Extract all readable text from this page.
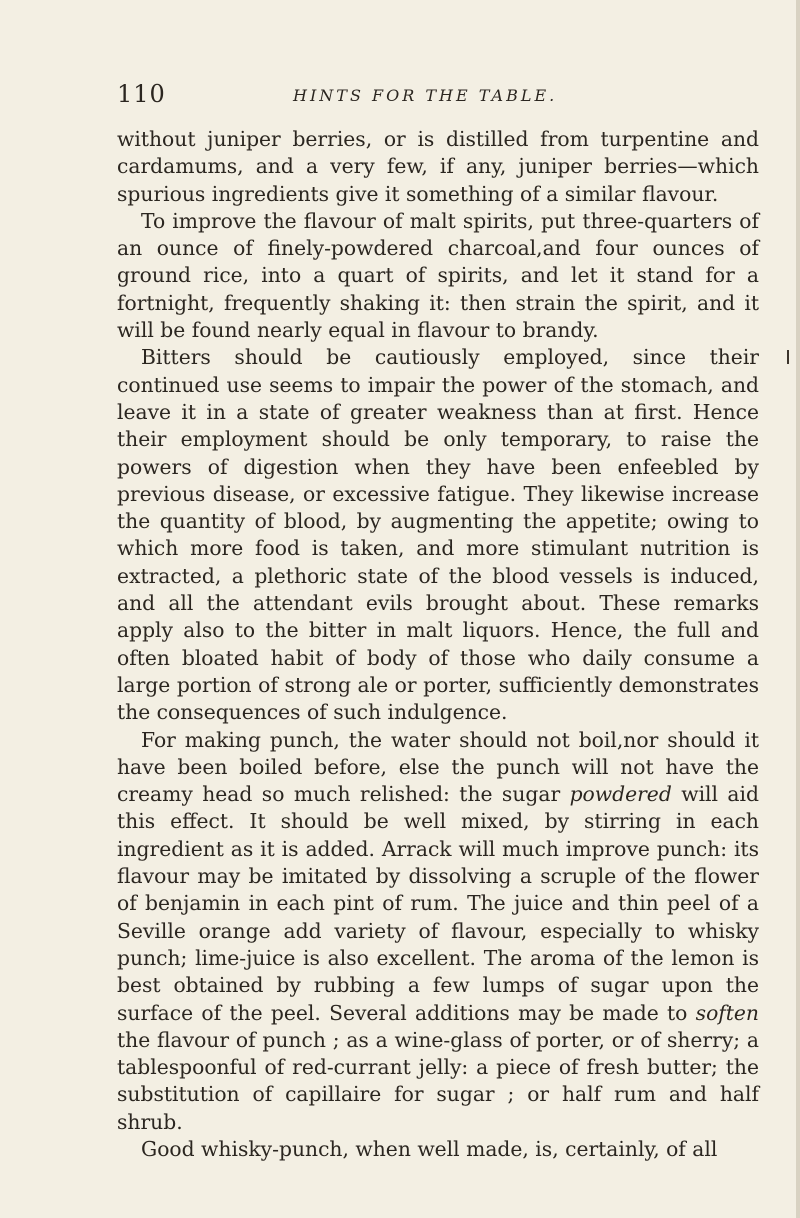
110	HINTS FOR THE TABLE.

without juniper berries, or is distilled from turpentine and cardamums, and a very few, if any, juniper berries—which spurious ingredients give it something of a similar flavour.

To improve the flavour of malt spirits, put three-quarters of an ounce of finely-powdered charcoal,and four ounces of ground rice, into a quart of spirits, and let it stand for a fortnight, frequently shaking it: then strain the spirit, and it will be found nearly equal in flavour to brandy.

Bitters should be cautiously employed, since their continued use seems to impair the power of the stomach, and leave it in a state of greater weakness than at first. Hence their employment should be only temporary, to raise the powers of digestion when they have been enfeebled by previous disease, or excessive fatigue. They likewise increase the quantity of blood, by augmenting the appetite; owing to which more food is taken, and more stimulant nutrition is extracted, a plethoric state of the blood vessels is induced, and all the attendant evils brought about. These remarks apply also to the bitter in malt liquors. Hence, the full and often bloated habit of body of those who daily consume a large portion of strong ale or porter, sufficiently demonstrates the consequences of such indulgence.

For making punch, the water should not boil,nor should it have been boiled before, else the punch will not have the creamy head so much relished: the sugar powdered will aid this effect. It should be well mixed, by stirring in each ingredient as it is added. Arrack will much improve punch: its flavour may be imitated by dissolving a scruple of the flower of benjamin in each pint of rum. The juice and thin peel of a Seville orange add variety of flavour, especially to whisky punch; lime-juice is also excellent. The aroma of the lemon is best obtained by rubbing a few lumps of sugar upon the surface of the peel. Several additions may be made to soften the flavour of punch ; as a wine-glass of porter, or of sherry; a tablespoonful of red-currant jelly: a piece of fresh butter; the substitution of capillaire for sugar ; or half rum and half shrub.

Good whisky-punch, when well made, is, certainly, of all
